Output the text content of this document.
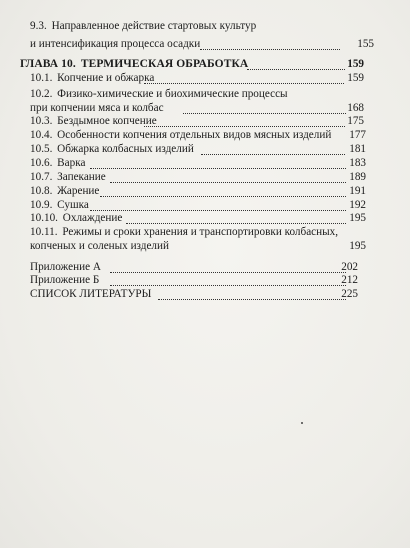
9.3. Направленное действие стартовых культур
и интенсификация процесса осадки	155
ГЛАВА 10. ТЕРМИЧЕСКАЯ ОБРАБОТКА	159
10.1. Копчение и обжарка	159
10.2. Физико-химические и биохимические процессы
при копчении мяса и колбас	168
10.3. Бездымное копчение	175
10.4. Особенности копчения отдельных видов мясных изделий	177
10.5. Обжарка колбасных изделий	181
10.6. Варка	183
10.7. Запекание	189
10.8. Жарение	191
10.9. Сушка	192
10.10. Охлаждение	195
10.11. Режимы и сроки хранения и транспортировки колбасных,
копченых и соленых изделий	195
Приложение А	202
Приложение Б	212
СПИСОК ЛИТЕРАТУРЫ	225
